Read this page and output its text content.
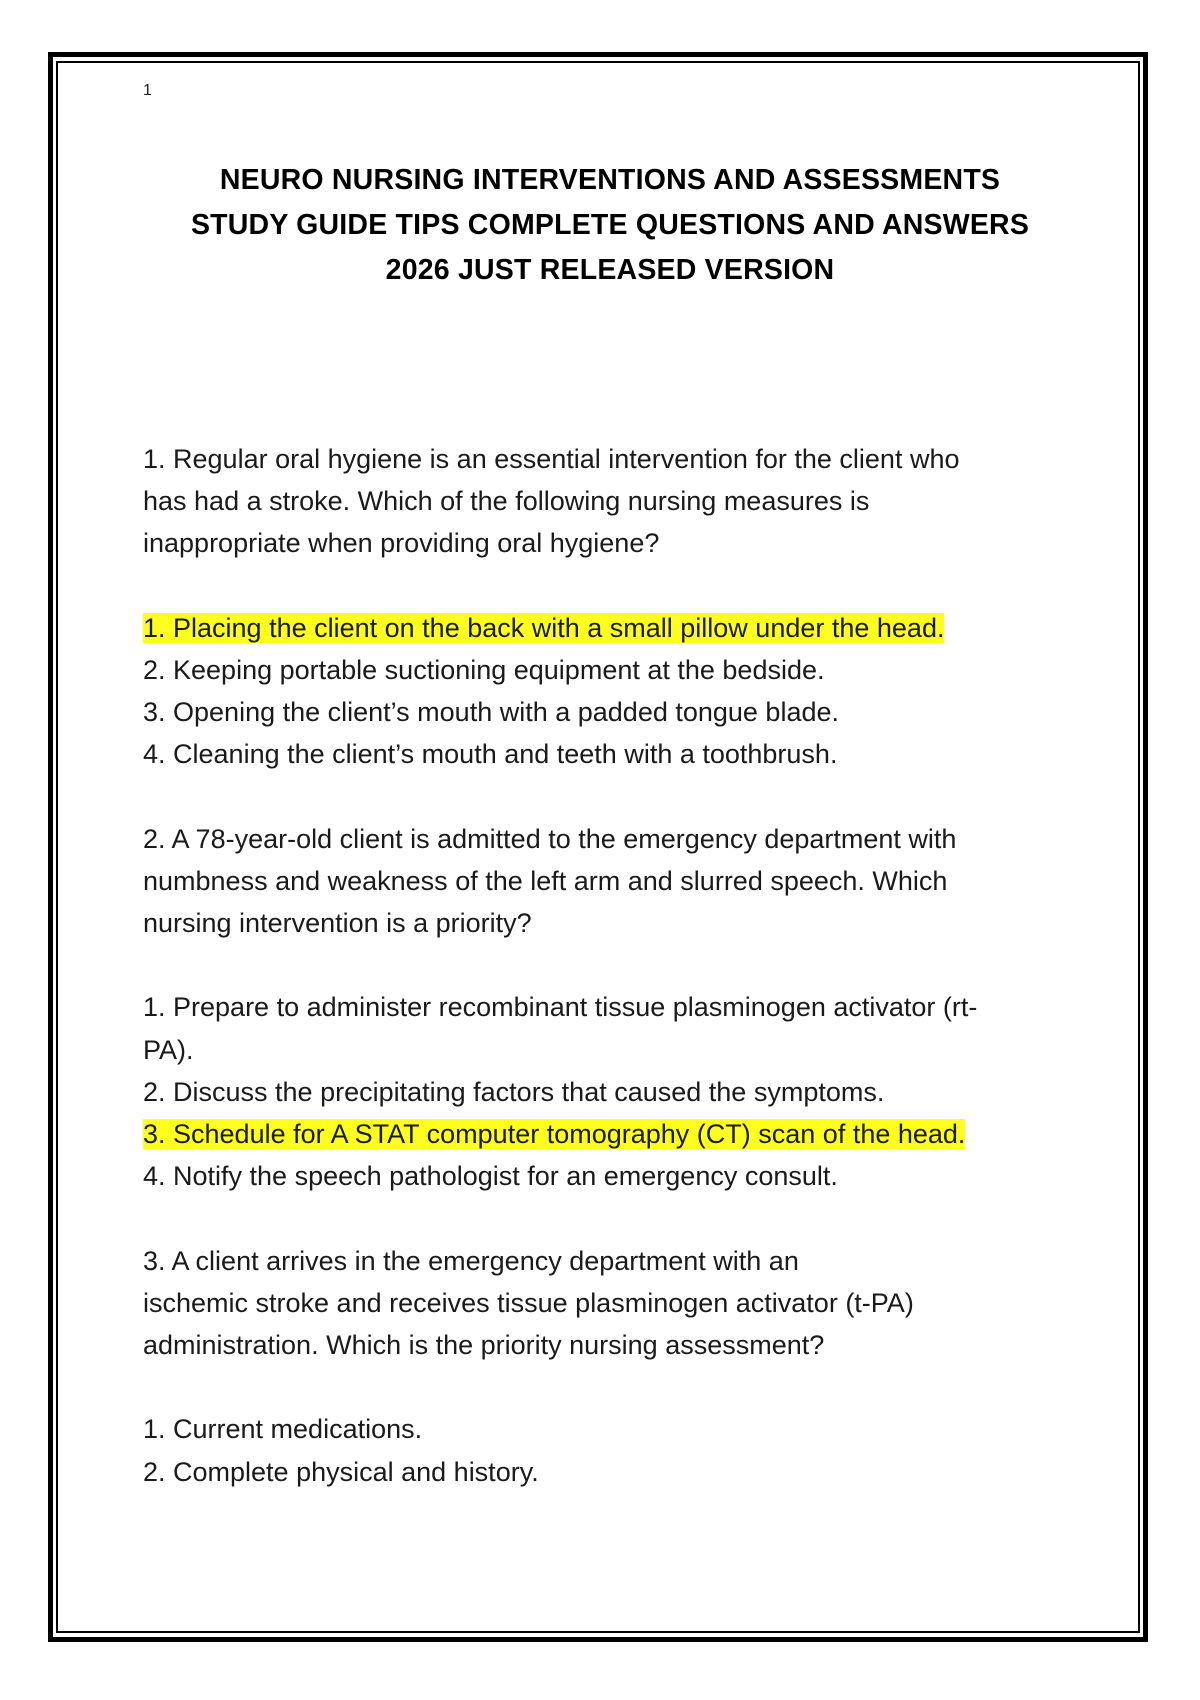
1
NEURO NURSING INTERVENTIONS AND ASSESSMENTS
STUDY GUIDE TIPS COMPLETE QUESTIONS AND ANSWERS
2026 JUST RELEASED VERSION
1. Regular oral hygiene is an essential intervention for the client who
has had a stroke. Which of the following nursing measures is
inappropriate when providing oral hygiene?
1. Placing the client on the back with a small pillow under the head.
2. Keeping portable suctioning equipment at the bedside.
3. Opening the client’s mouth with a padded tongue blade.
4. Cleaning the client’s mouth and teeth with a toothbrush.
2. A 78-year-old client is admitted to the emergency department with
numbness and weakness of the left arm and slurred speech. Which
nursing intervention is a priority?
1. Prepare to administer recombinant tissue plasminogen activator (rt-
PA).
2. Discuss the precipitating factors that caused the symptoms.
3. Schedule for A STAT computer tomography (CT) scan of the head.
4. Notify the speech pathologist for an emergency consult.
3. A client arrives in the emergency department with an
ischemic stroke and receives tissue plasminogen activator (t-PA)
administration. Which is the priority nursing assessment?
1. Current medications.
2. Complete physical and history.
